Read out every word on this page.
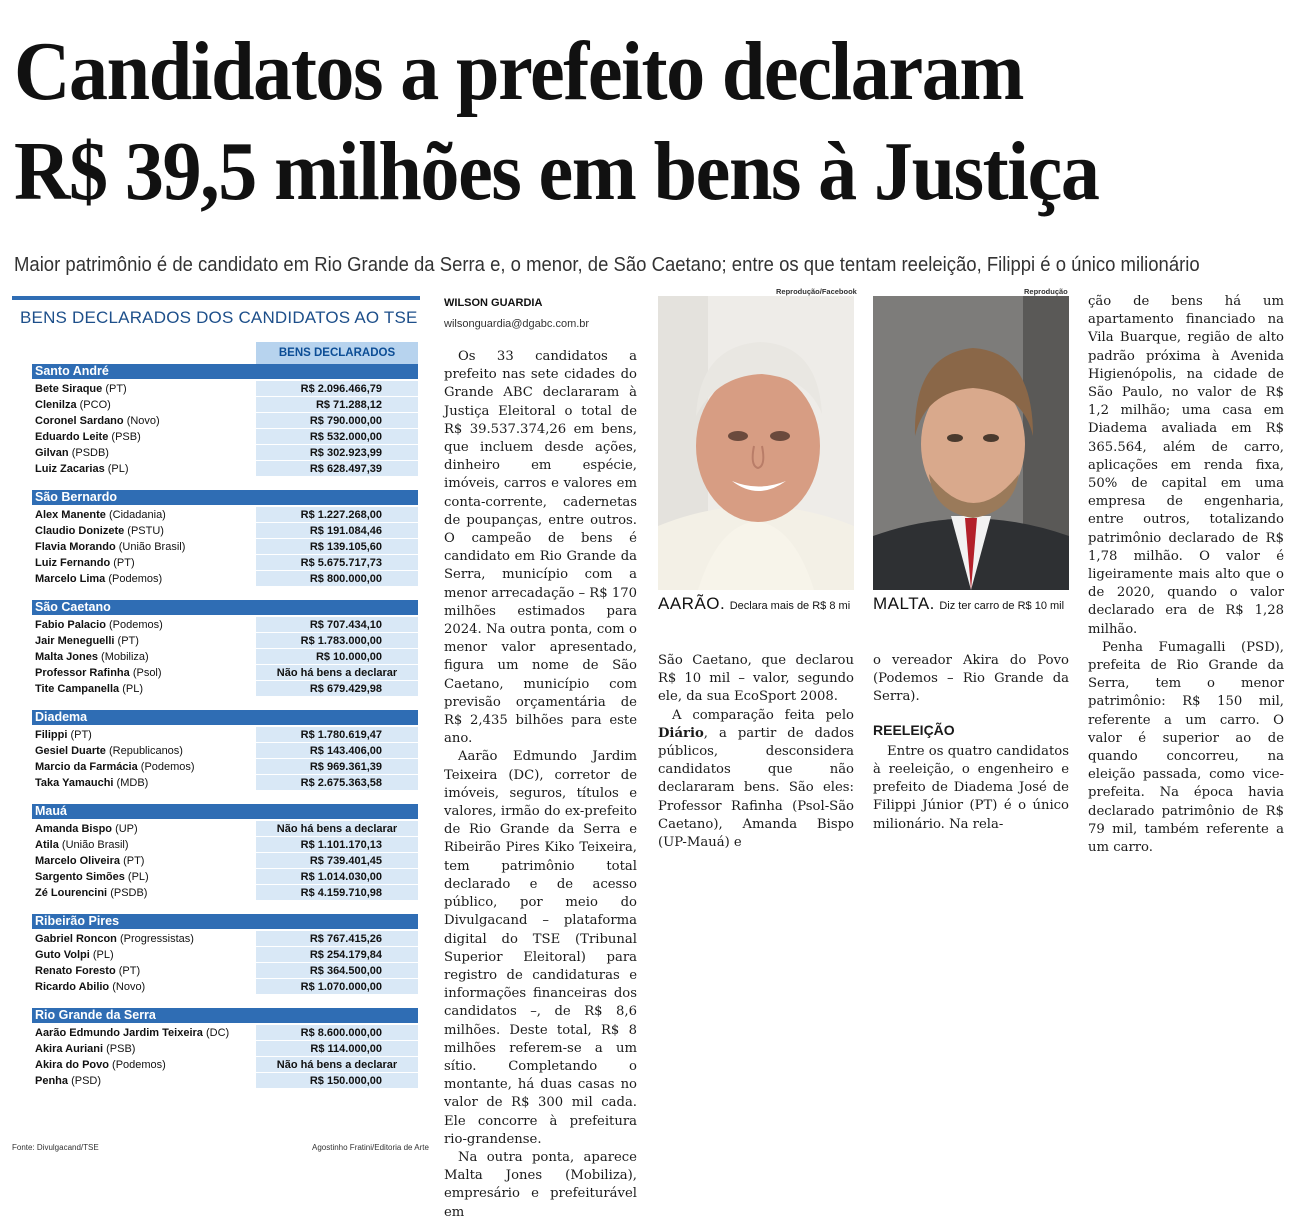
Candidatos a prefeito declaram
R$ 39,5 milhões em bens à Justiça
Maior patrimônio é de candidato em Rio Grande da Serra e, o menor, de São Caetano; entre os que tentam reeleição, Filippi é o único milionário
BENS DECLARADOS DOS CANDIDATOS AO TSE
BENS DECLARADOS
Santo André
Bete Siraque (PT)	R$ 2.096.466,79
Clenilza (PCO)	R$ 71.288,12
Coronel Sardano (Novo)	R$ 790.000,00
Eduardo Leite (PSB)	R$ 532.000,00
Gilvan (PSDB)	R$ 302.923,99
Luiz Zacarias (PL)	R$ 628.497,39
São Bernardo
Alex Manente (Cidadania)	R$ 1.227.268,00
Claudio Donizete (PSTU)	R$ 191.084,46
Flavia Morando (União Brasil)	R$ 139.105,60
Luiz Fernando (PT)	R$ 5.675.717,73
Marcelo Lima (Podemos)	R$ 800.000,00
São Caetano
Fabio Palacio (Podemos)	R$ 707.434,10
Jair Meneguelli (PT)	R$ 1.783.000,00
Malta Jones (Mobiliza)	R$ 10.000,00
Professor Rafinha (Psol)	Não há bens a declarar
Tite Campanella (PL)	R$ 679.429,98
Diadema
Filippi (PT)	R$ 1.780.619,47
Gesiel Duarte (Republicanos)	R$ 143.406,00
Marcio da Farmácia (Podemos)	R$ 969.361,39
Taka Yamauchi (MDB)	R$ 2.675.363,58
Mauá
Amanda Bispo (UP)	Não há bens a declarar
Atila (União Brasil)	R$ 1.101.170,13
Marcelo Oliveira (PT)	R$ 739.401,45
Sargento Simões (PL)	R$ 1.014.030,00
Zé Lourencini (PSDB)	R$ 4.159.710,98
Ribeirão Pires
Gabriel Roncon (Progressistas)	R$ 767.415,26
Guto Volpi (PL)	R$ 254.179,84
Renato Foresto (PT)	R$ 364.500,00
Ricardo Abilio (Novo)	R$ 1.070.000,00
Rio Grande da Serra
Aarão Edmundo Jardim Teixeira (DC)	R$ 8.600.000,00
Akira Auriani (PSB)	R$ 114.000,00
Akira do Povo (Podemos)	Não há bens a declarar
Penha (PSD)	R$ 150.000,00
Fonte: Divulgacand/TSE	Agostinho Fratini/Editoria de Arte
WILSON GUARDIA
wilsonguardia@dgabc.com.br

Os 33 candidatos a prefeito nas sete cidades do Grande ABC declararam à Justiça Eleitoral o total de R$ 39.537.374,26 em bens, que incluem desde ações, dinheiro em espécie, imóveis, carros e valores em conta-corrente, cadernetas de poupanças, entre outros. O campeão de bens é candidato em Rio Grande da Serra, município com a menor arrecadação – R$ 170 milhões estimados para 2024. Na outra ponta, com o menor valor apresentado, figura um nome de São Caetano, município com previsão orçamentária de R$ 2,435 bilhões para este ano.

Aarão Edmundo Jardim Teixeira (DC), corretor de imóveis, seguros, títulos e valores, irmão do ex-prefeito de Rio Grande da Serra e Ribeirão Pires Kiko Teixeira, tem patrimônio total declarado e de acesso público, por meio do Divulgacand – plataforma digital do TSE (Tribunal Superior Eleitoral) para registro de candidaturas e informações financeiras dos candidatos –, de R$ 8,6 milhões. Deste total, R$ 8 milhões referem-se a um sítio. Completando o montante, há duas casas no valor de R$ 300 mil cada. Ele concorre à prefeitura rio-grandense.

Na outra ponta, aparece Malta Jones (Mobiliza), empresário e prefeiturável em

Reprodução/Facebook
AARÃO. Declara mais de R$ 8 mi
Reprodução
MALTA. Diz ter carro de R$ 10 mil

São Caetano, que declarou R$ 10 mil – valor, segundo ele, da sua EcoSport 2008.

A comparação feita pelo Diário, a partir de dados públicos, desconsidera candidatos que não declararam bens. São eles: Professor Rafinha (Psol-São Caetano), Amanda Bispo (UP-Mauá) e

o vereador Akira do Povo (Podemos – Rio Grande da Serra).

REELEIÇÃO

Entre os quatro candidatos à reeleição, o engenheiro e prefeito de Diadema José de Filippi Júnior (PT) é o único milionário. Na rela-

ção de bens há um apartamento financiado na Vila Buarque, região de alto padrão próxima à Avenida Higienópolis, na cidade de São Paulo, no valor de R$ 1,2 milhão; uma casa em Diadema avaliada em R$ 365.564, além de carro, aplicações em renda fixa, 50% de capital em uma empresa de engenharia, entre outros, totalizando patrimônio declarado de R$ 1,78 milhão. O valor é ligeiramente mais alto que o de 2020, quando o valor declarado era de R$ 1,28 milhão.

Penha Fumagalli (PSD), prefeita de Rio Grande da Serra, tem o menor patrimônio: R$ 150 mil, referente a um carro. O valor é superior ao de quando concorreu, na eleição passada, como vice-prefeita. Na época havia declarado patrimônio de R$ 79 mil, também referente a um carro.
